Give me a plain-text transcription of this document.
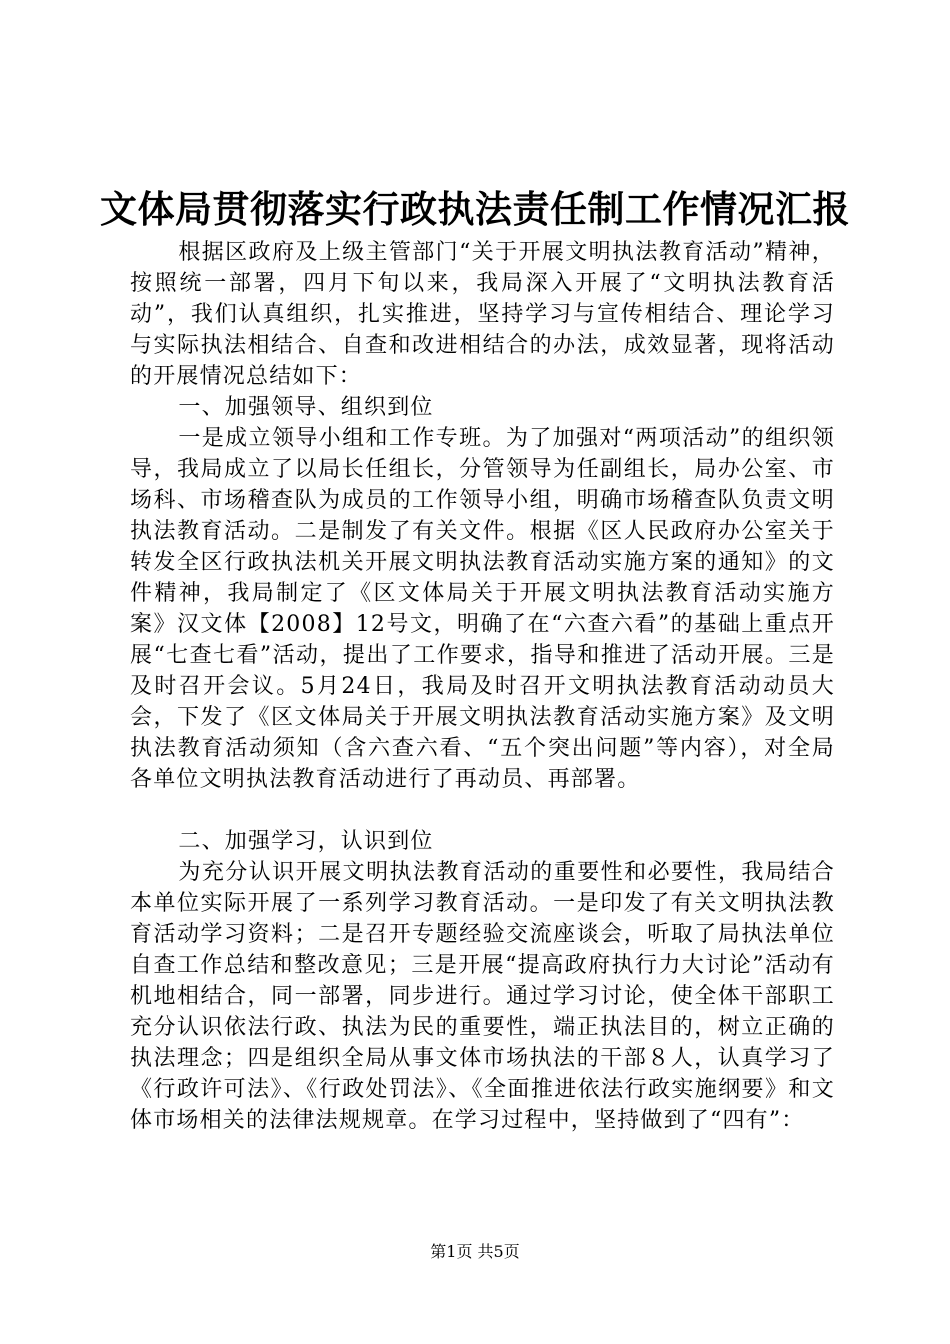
文体局贯彻落实行政执法责任制工作情况汇报

根据区政府及上级主管部门“关于开展文明执法教育活动”精神，按照统一部署，四月下旬以来，我局深入开展了“文明执法教育活动”，我们认真组织，扎实推进，坚持学习与宣传相结合、理论学习与实际执法相结合、自查和改进相结合的办法，成效显著，现将活动的开展情况总结如下：

一、加强领导、组织到位

一是成立领导小组和工作专班。为了加强对“两项活动”的组织领导，我局成立了以局长任组长，分管领导为任副组长，局办公室、市场科、市场稽查队为成员的工作领导小组，明确市场稽查队负责文明执法教育活动。二是制发了有关文件。根据《区人民政府办公室关于转发全区行政执法机关开展文明执法教育活动实施方案的通知》的文件精神，我局制定了《区文体局关于开展文明执法教育活动实施方案》汉文体【2008】12号文，明确了在“六查六看”的基础上重点开展“七查七看”活动，提出了工作要求，指导和推进了活动开展。三是及时召开会议。5月24日，我局及时召开文明执法教育活动动员大会，下发了《区文体局关于开展文明执法教育活动实施方案》及文明执法教育活动须知（含六查六看、“五个突出问题”等内容），对全局各单位文明执法教育活动进行了再动员、再部署。

二、加强学习，认识到位

为充分认识开展文明执法教育活动的重要性和必要性，我局结合本单位实际开展了一系列学习教育活动。一是印发了有关文明执法教育活动学习资料；二是召开专题经验交流座谈会，听取了局执法单位自查工作总结和整改意见；三是开展“提高政府执行力大讨论”活动有机地相结合，同一部署，同步进行。通过学习讨论，使全体干部职工充分认识依法行政、执法为民的重要性，端正执法目的，树立正确的执法理念；四是组织全局从事文体市场执法的干部８人，认真学习了《行政许可法》、《行政处罚法》、《全面推进依法行政实施纲要》和文体市场相关的法律法规规章。在学习过程中，坚持做到了“四有”：

第1页 共5页
